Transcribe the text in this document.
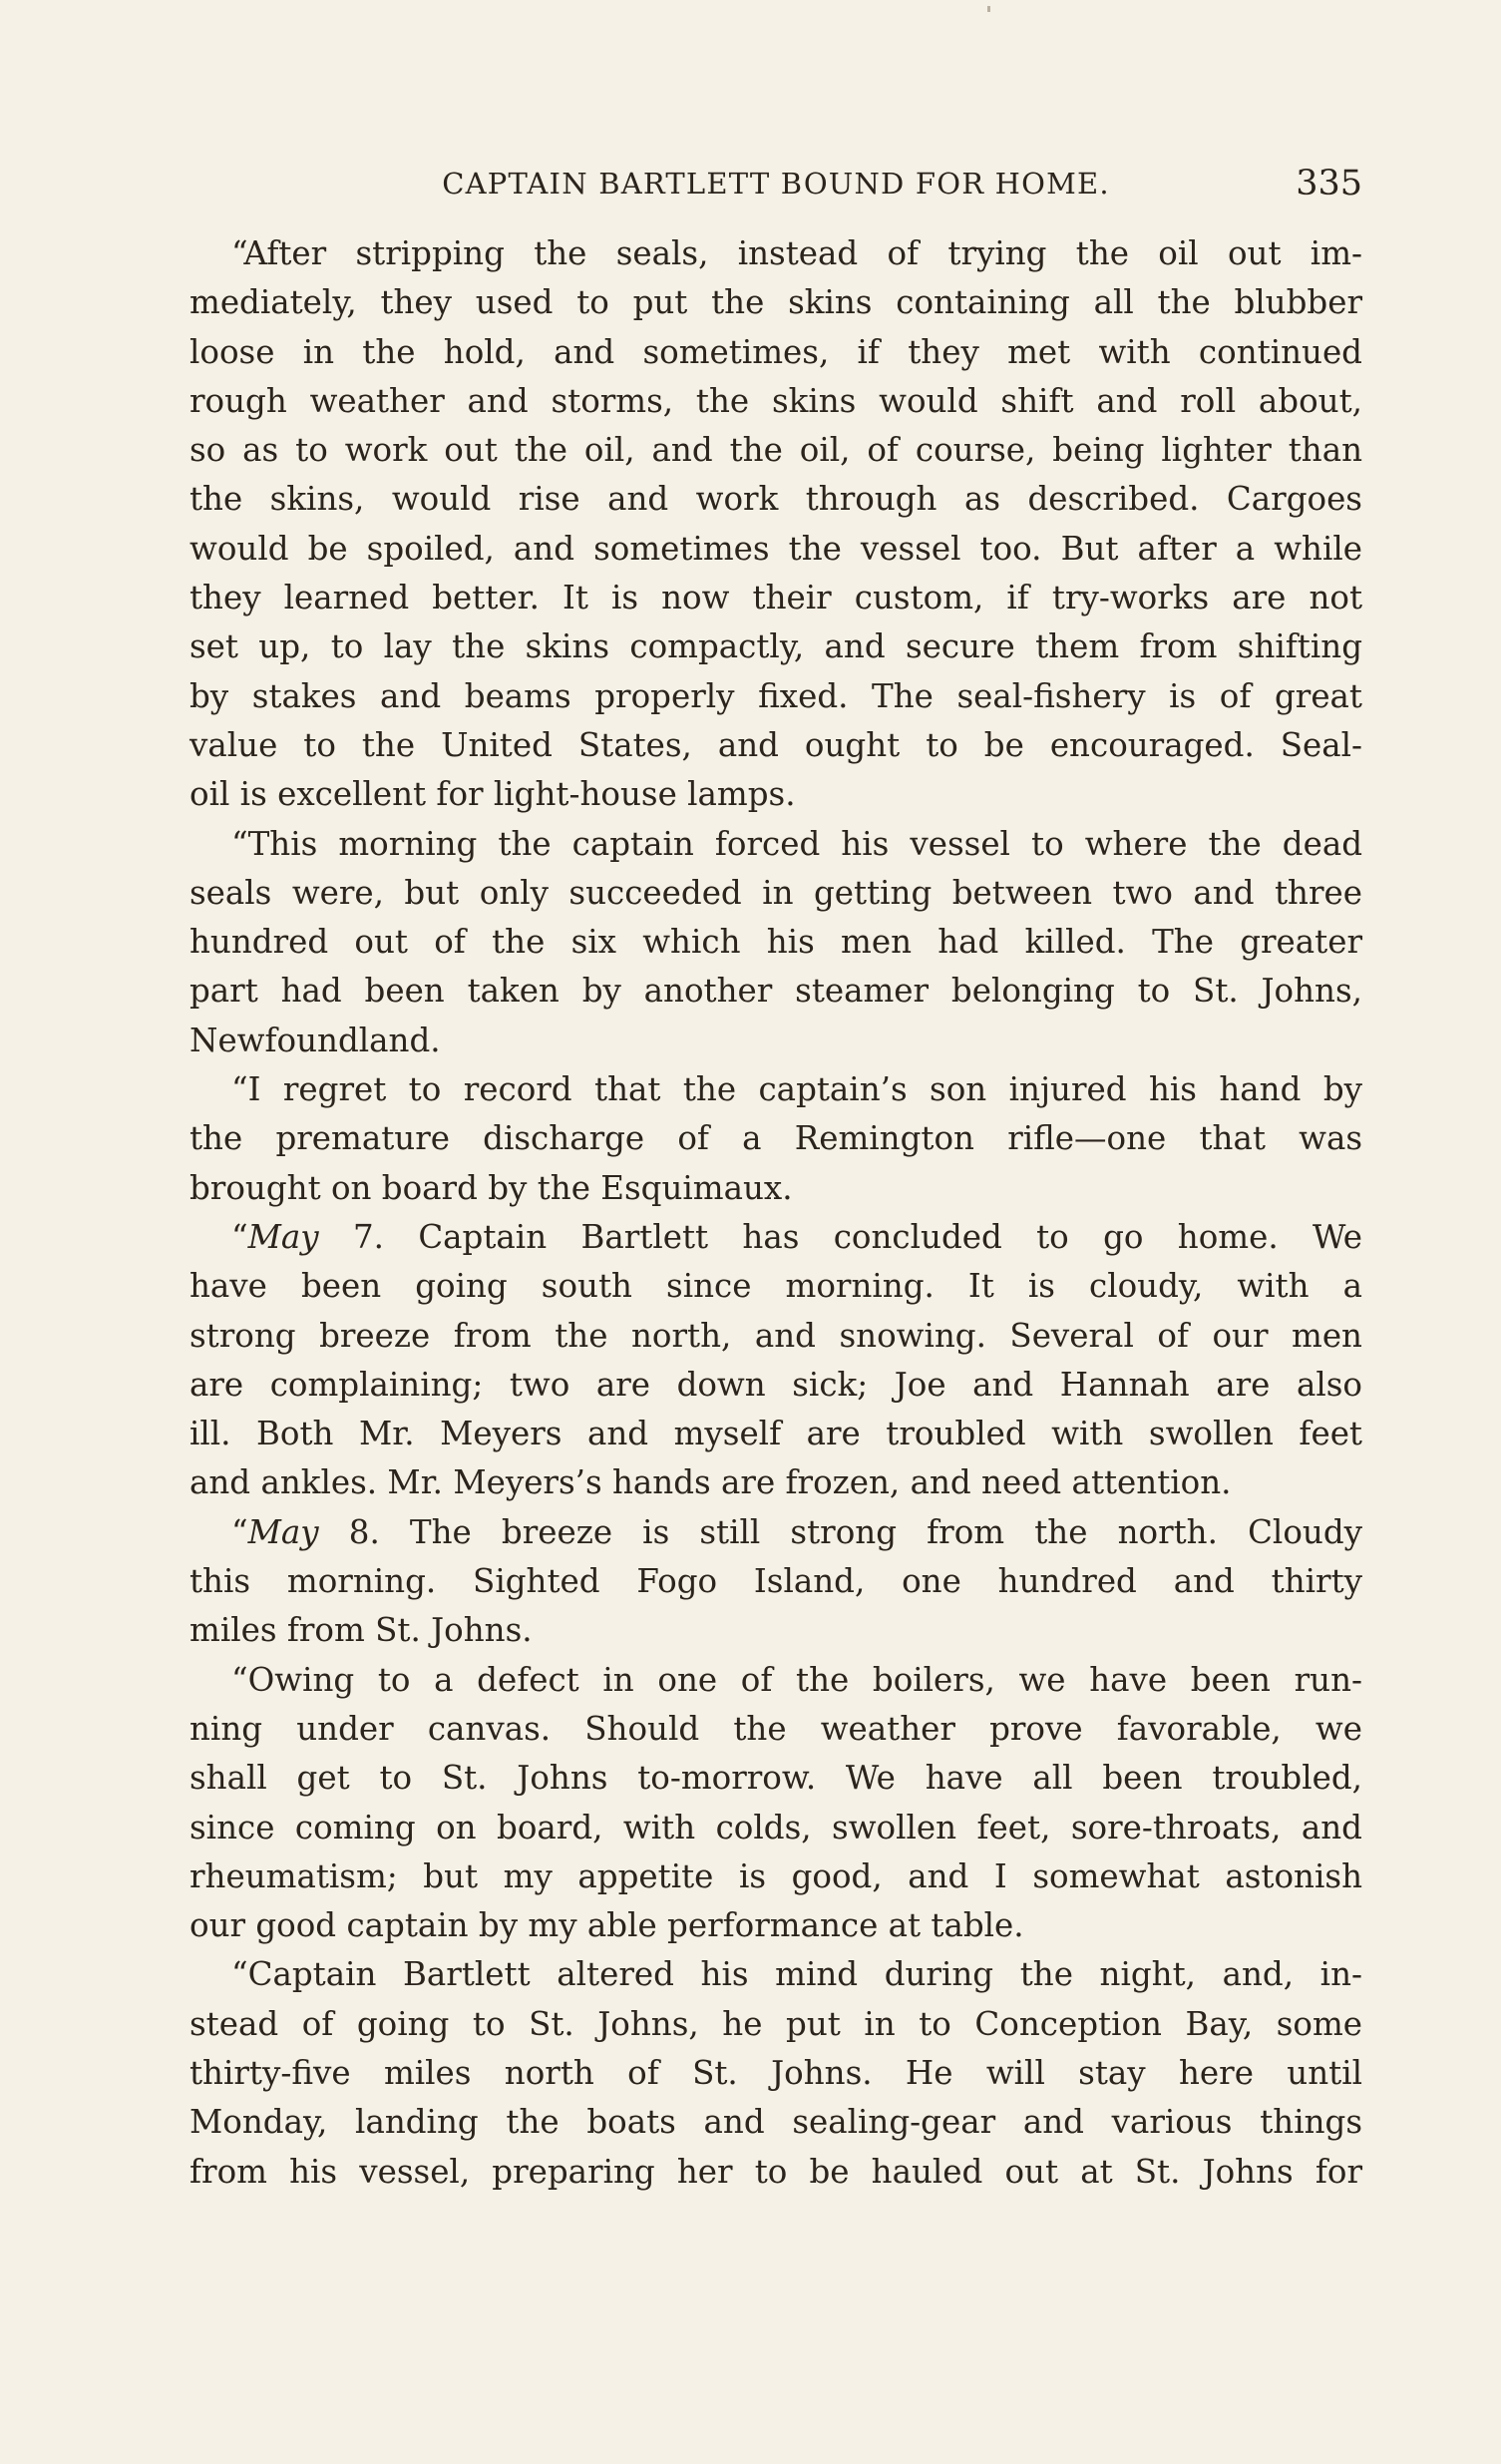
CAPTAIN BARTLETT BOUND FOR HOME.	335
“After stripping the seals, instead of trying the oil out im-
mediately, they used to put the skins containing all the blubber
loose in the hold, and sometimes, if they met with continued
rough weather and storms, the skins would shift and roll about,
so as to work out the oil, and the oil, of course, being lighter than
the skins, would rise and work through as described. Cargoes
would be spoiled, and sometimes the vessel too. But after a while
they learned better. It is now their custom, if try-works are not
set up, to lay the skins compactly, and secure them from shifting
by stakes and beams properly fixed. The seal-fishery is of great
value to the United States, and ought to be encouraged. Seal-
oil is excellent for light-house lamps.
“This morning the captain forced his vessel to where the dead
seals were, but only succeeded in getting between two and three
hundred out of the six which his men had killed. The greater
part had been taken by another steamer belonging to St. Johns,
Newfoundland.
“I regret to record that the captain’s son injured his hand by
the premature discharge of a Remington rifle—one that was
brought on board by the Esquimaux.
“May 7. Captain Bartlett has concluded to go home. We
have been going south since morning. It is cloudy, with a
strong breeze from the north, and snowing. Several of our men
are complaining; two are down sick; Joe and Hannah are also
ill. Both Mr. Meyers and myself are troubled with swollen feet
and ankles. Mr. Meyers’s hands are frozen, and need attention.
“May 8. The breeze is still strong from the north. Cloudy
this morning. Sighted Fogo Island, one hundred and thirty
miles from St. Johns.
“Owing to a defect in one of the boilers, we have been run-
ning under canvas. Should the weather prove favorable, we
shall get to St. Johns to-morrow. We have all been troubled,
since coming on board, with colds, swollen feet, sore-throats, and
rheumatism; but my appetite is good, and I somewhat astonish
our good captain by my able performance at table.
“Captain Bartlett altered his mind during the night, and, in-
stead of going to St. Johns, he put in to Conception Bay, some
thirty-five miles north of St. Johns. He will stay here until
Monday, landing the boats and sealing-gear and various things
from his vessel, preparing her to be hauled out at St. Johns for
